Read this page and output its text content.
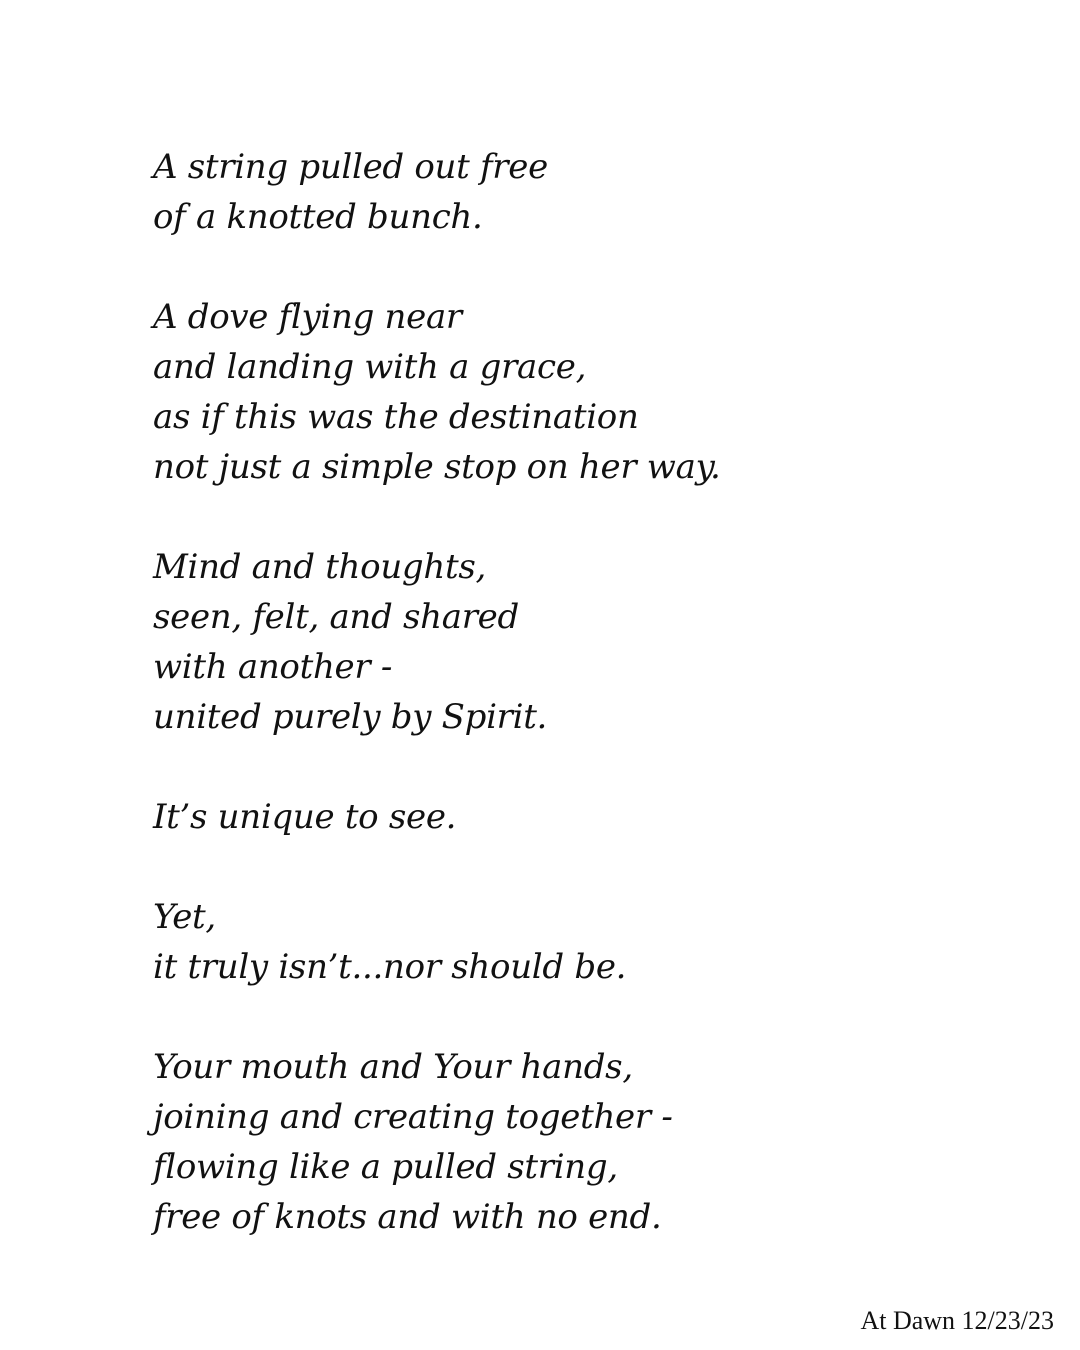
A string pulled out free
of a knotted bunch.
A dove flying near
and landing with a grace,
as if this was the destination
not just a simple stop on her way.
Mind and thoughts,
seen, felt, and shared
with another -
united purely by Spirit.
It’s unique to see.
Yet,
it truly isn’t...nor should be.
Your mouth and Your hands,
joining and creating together -
flowing like a pulled string,
free of knots and with no end.
At Dawn 12/23/23
